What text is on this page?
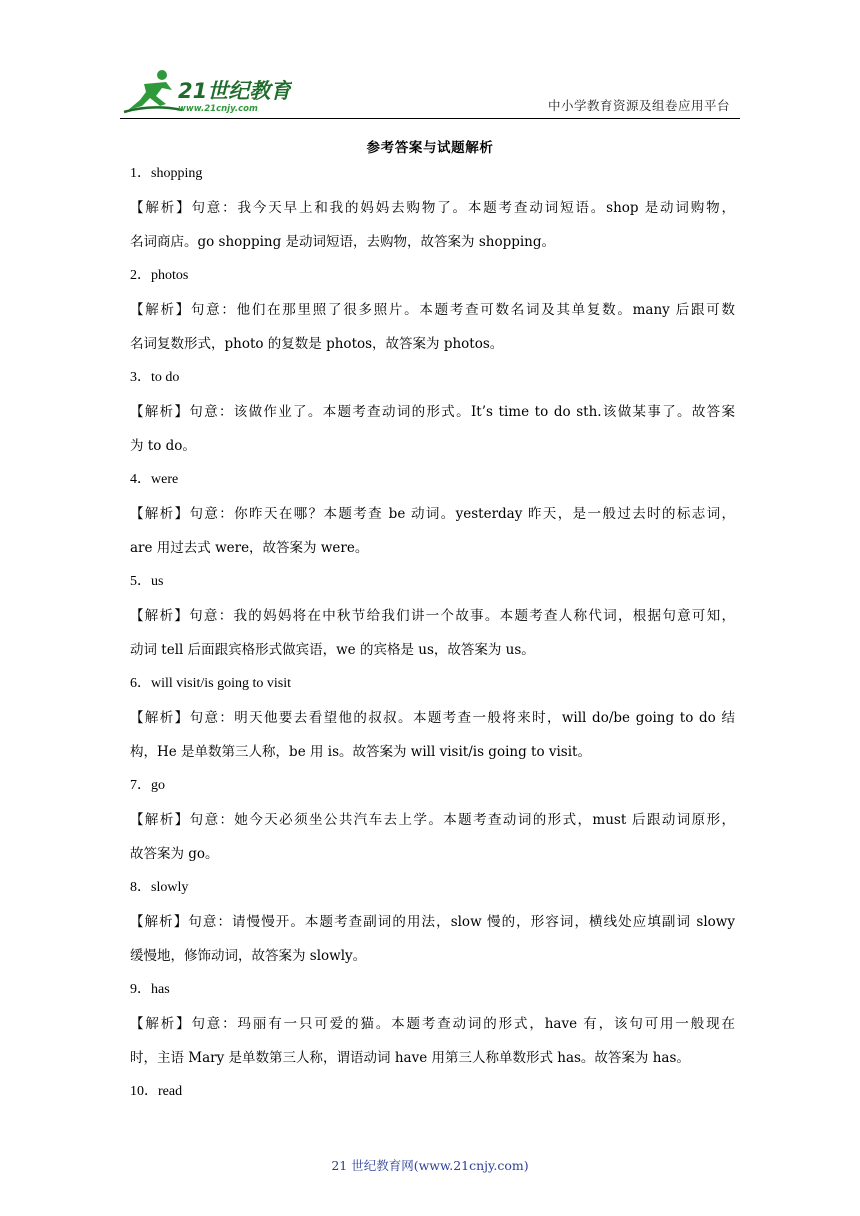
21世纪教育
www.21cnjy.com	中小学教育资源及组卷应用平台
参考答案与试题解析
1．shopping
【解析】句意：我今天早上和我的妈妈去购物了。本题考查动词短语。shop 是动词购物，
名词商店。go shopping 是动词短语，去购物，故答案为 shopping。
2．photos
【解析】句意：他们在那里照了很多照片。本题考查可数名词及其单复数。many 后跟可数
名词复数形式，photo 的复数是 photos，故答案为 photos。
3．to do
【解析】句意：该做作业了。本题考查动词的形式。It’s time to do sth.该做某事了。故答案
为 to do。
4．were
【解析】句意：你昨天在哪？本题考查 be 动词。yesterday 昨天，是一般过去时的标志词，
are 用过去式 were，故答案为 were。
5．us
【解析】句意：我的妈妈将在中秋节给我们讲一个故事。本题考查人称代词，根据句意可知，
动词 tell 后面跟宾格形式做宾语，we 的宾格是 us，故答案为 us。
6．will visit/is going to visit
【解析】句意：明天他要去看望他的叔叔。本题考查一般将来时，will do/be going to do 结
构，He 是单数第三人称，be 用 is。故答案为 will visit/is going to visit。
7．go
【解析】句意：她今天必须坐公共汽车去上学。本题考查动词的形式，must 后跟动词原形，
故答案为 go。
8．slowly
【解析】句意：请慢慢开。本题考查副词的用法，slow 慢的，形容词，横线处应填副词 slowy
缓慢地，修饰动词，故答案为 slowly。
9．has
【解析】句意：玛丽有一只可爱的猫。本题考查动词的形式，have 有，该句可用一般现在
时，主语 Mary 是单数第三人称，谓语动词 have 用第三人称单数形式 has。故答案为 has。
10．read
21 世纪教育网(www.21cnjy.com)
